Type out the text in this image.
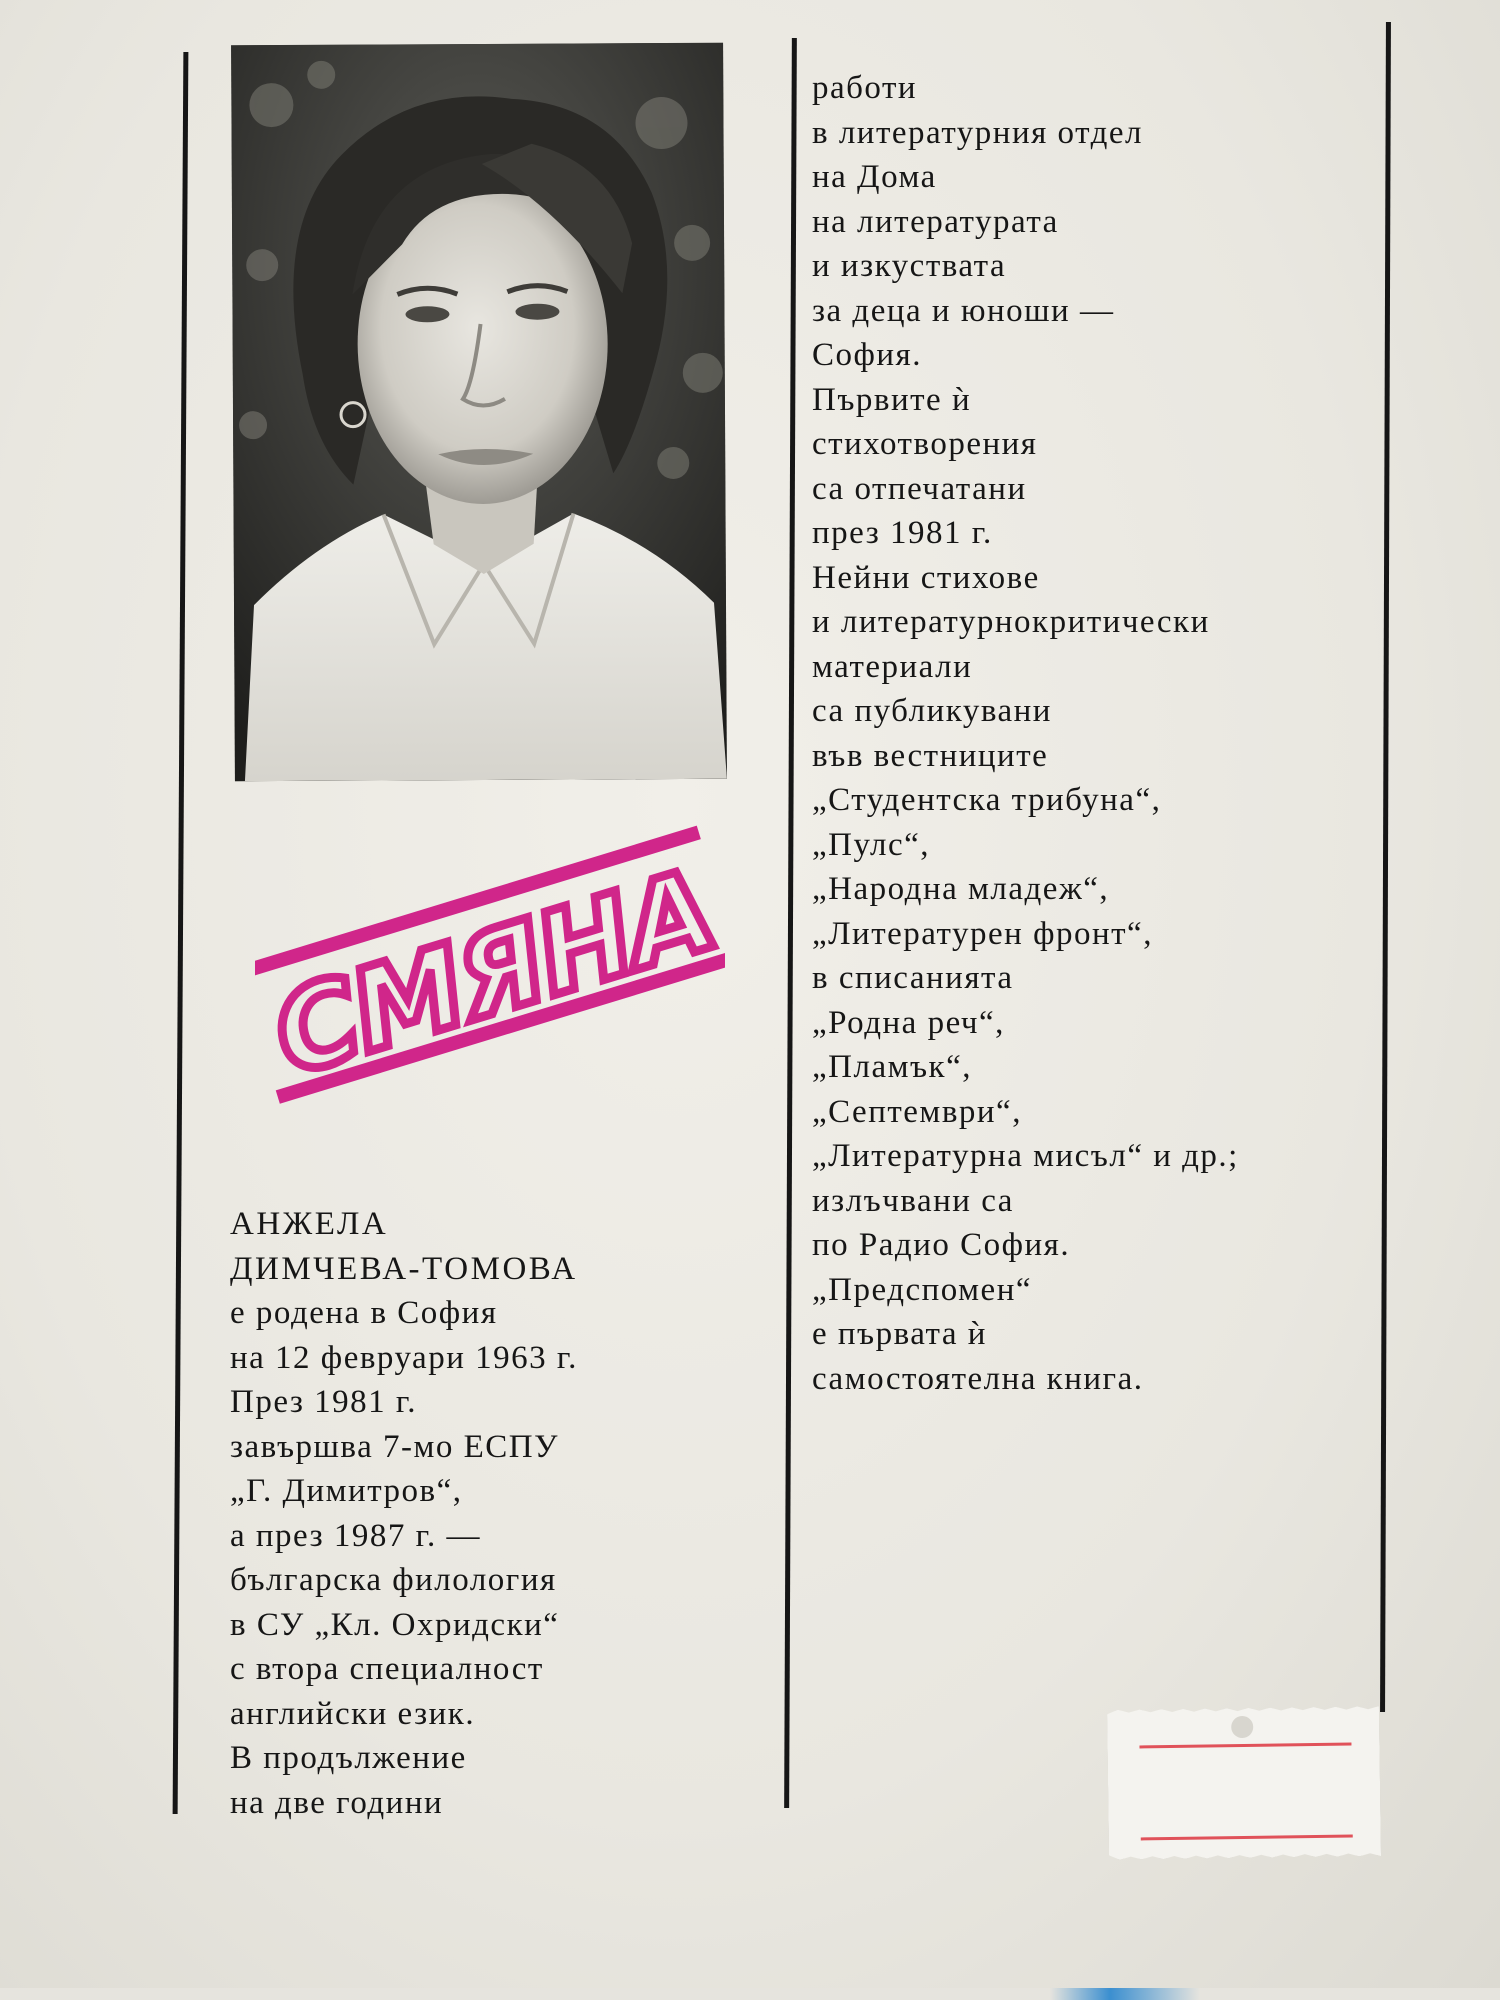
СМЯНА
АНЖЕЛА
ДИМЧЕВА-ТОМОВА
е родена в София
на 12 февруари 1963 г.
През 1981 г.
завършва 7-мо ЕСПУ
„Г. Димитров“,
а през 1987 г. —
българска филология
в СУ „Кл. Охридски“
с втора специалност
английски език.
В продължение
на две години
работи
в литературния отдел
на Дома
на литературата
и изкуствата
за деца и юноши —
София.
Първите ѝ
стихотворения
са отпечатани
през 1981 г.
Нейни стихове
и литературнокритически
материали
са публикувани
във вестниците
„Студентска трибуна“,
„Пулс“,
„Народна младеж“,
„Литературен фронт“,
в списанията
„Родна реч“,
„Пламък“,
„Септември“,
„Литературна мисъл“ и др.;
излъчвани са
по Радио София.
„Предспомен“
е първата ѝ
самостоятелна книга.
